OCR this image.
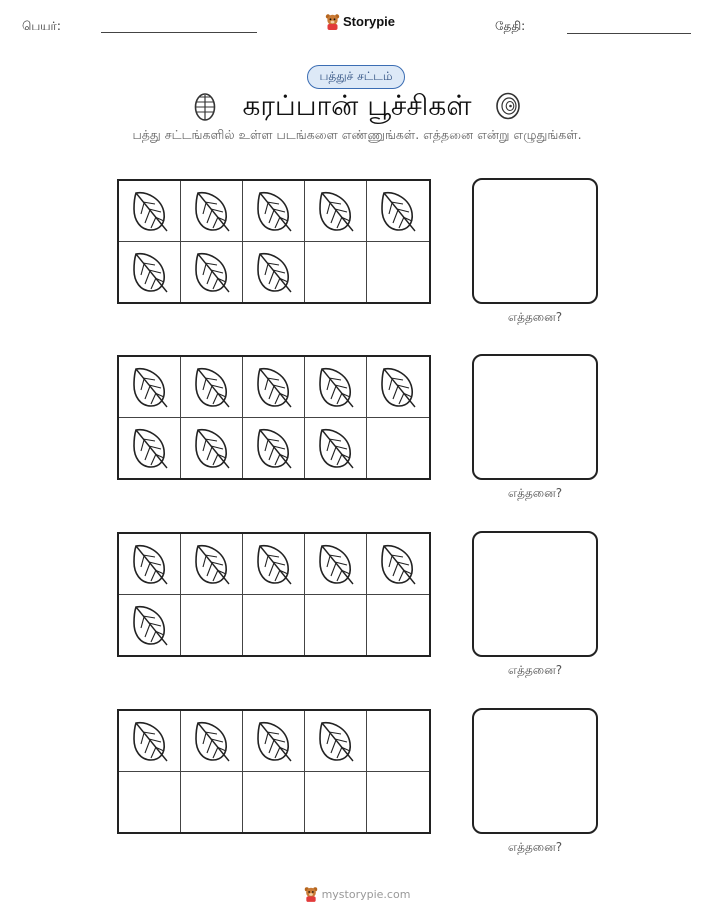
பெயர்:	Storypie	தேதி:
பத்துச் சட்டம்
கரப்பான் பூச்சிகள்
பத்து சட்டங்களில் உள்ள படங்களை எண்ணுங்கள். எத்தனை என்று எழுதுங்கள்.
எத்தனை?
எத்தனை?
எத்தனை?
எத்தனை?
mystorypie.com
